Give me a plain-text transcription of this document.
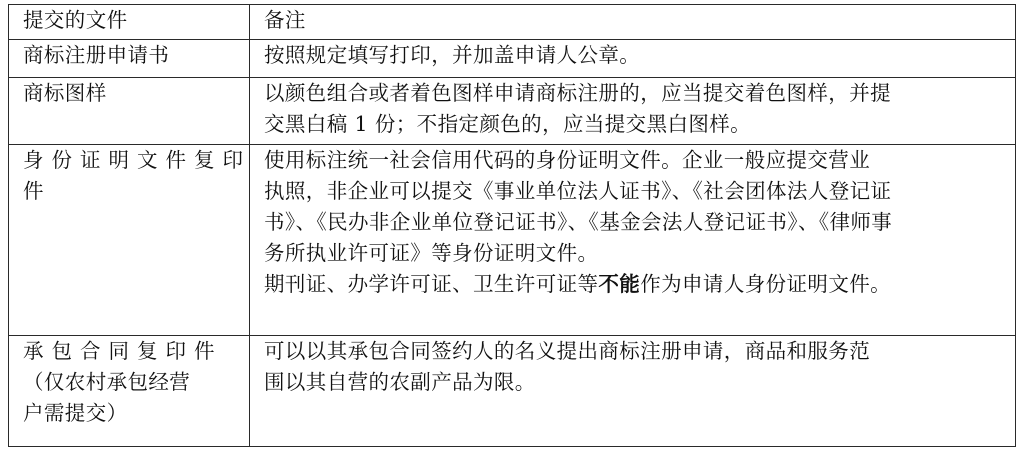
提交的文件	备注

商标注册申请书	按照规定填写打印，并加盖申请人公章。

商标图样	以颜色组合或者着色图样申请商标注册的，应当提交着色图样，并提
交黑白稿 1 份；不指定颜色的，应当提交黑白图样。

身份证明文件复印
件	使用标注统一社会信用代码的身份证明文件。企业一般应提交营业
执照，非企业可以提交《事业单位法人证书》、《社会团体法人登记证
书》、《民办非企业单位登记证书》、《基金会法人登记证书》、《律师事
务所执业许可证》等身份证明文件。
期刊证、办学许可证、卫生许可证等不能作为申请人身份证明文件。

承包合同复印件
（仅农村承包经营
户需提交）	可以以其承包合同签约人的名义提出商标注册申请，商品和服务范
围以其自营的农副产品为限。
